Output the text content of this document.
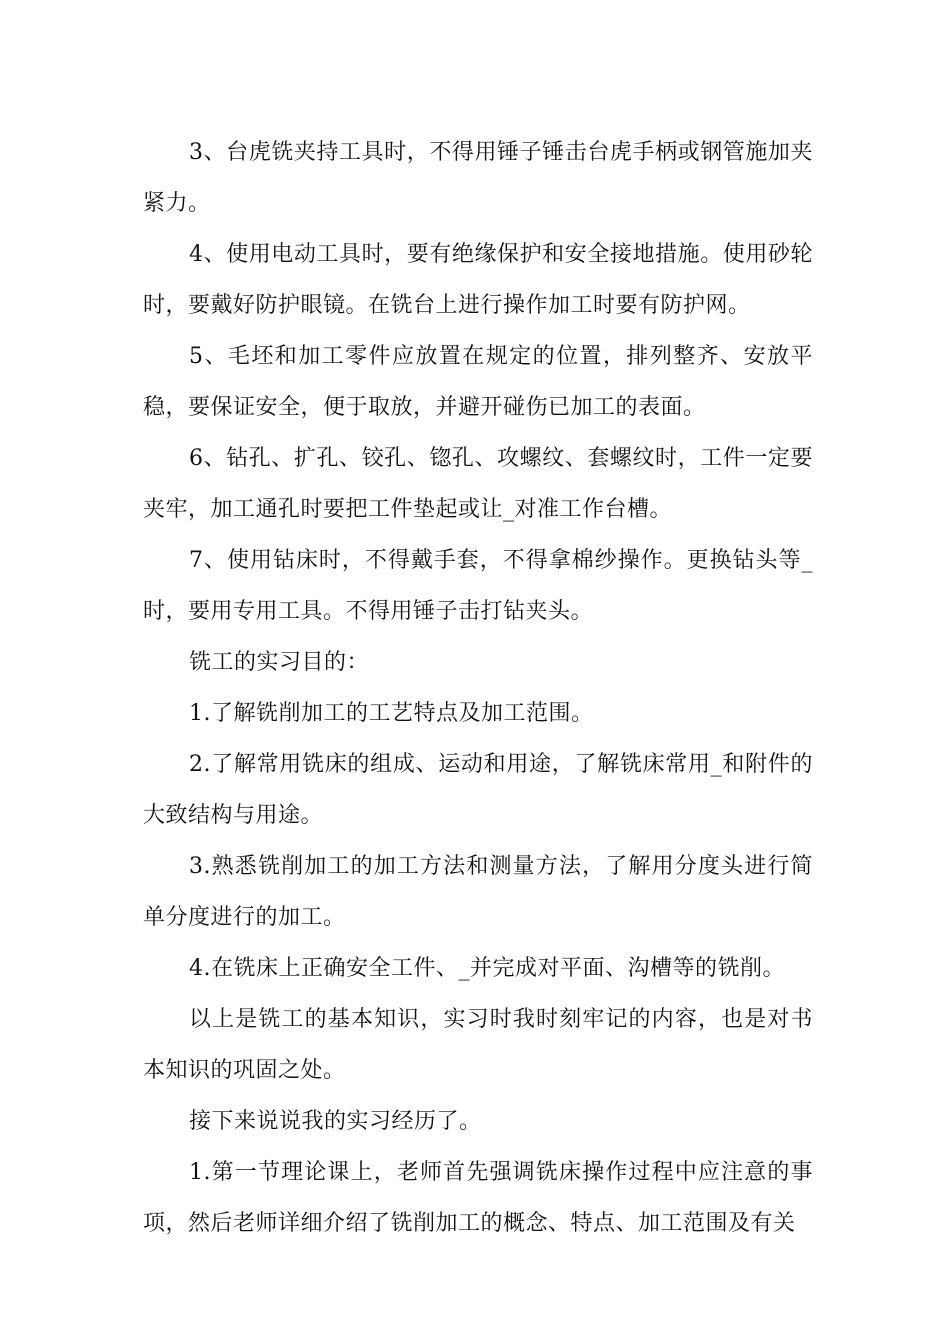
3、台虎铣夹持工具时，不得用锤子锤击台虎手柄或钢管施加夹紧力。

4、使用电动工具时，要有绝缘保护和安全接地措施。使用砂轮时，要戴好防护眼镜。在铣台上进行操作加工时要有防护网。

5、毛坯和加工零件应放置在规定的位置，排列整齐、安放平稳，要保证安全，便于取放，并避开碰伤已加工的表面。

6、钻孔、扩孔、铰孔、锪孔、攻螺纹、套螺纹时，工件一定要夹牢，加工通孔时要把工件垫起或让_对准工作台槽。

7、使用钻床时，不得戴手套，不得拿棉纱操作。更换钻头等_时，要用专用工具。不得用锤子击打钻夹头。

铣工的实习目的：

1.了解铣削加工的工艺特点及加工范围。

2.了解常用铣床的组成、运动和用途，了解铣床常用_和附件的大致结构与用途。

3.熟悉铣削加工的加工方法和测量方法，了解用分度头进行简单分度进行的加工。

4.在铣床上正确安全工件、_并完成对平面、沟槽等的铣削。

以上是铣工的基本知识，实习时我时刻牢记的内容，也是对书本知识的巩固之处。

接下来说说我的实习经历了。

1.第一节理论课上，老师首先强调铣床操作过程中应注意的事项，然后老师详细介绍了铣削加工的概念、特点、加工范围及有关
